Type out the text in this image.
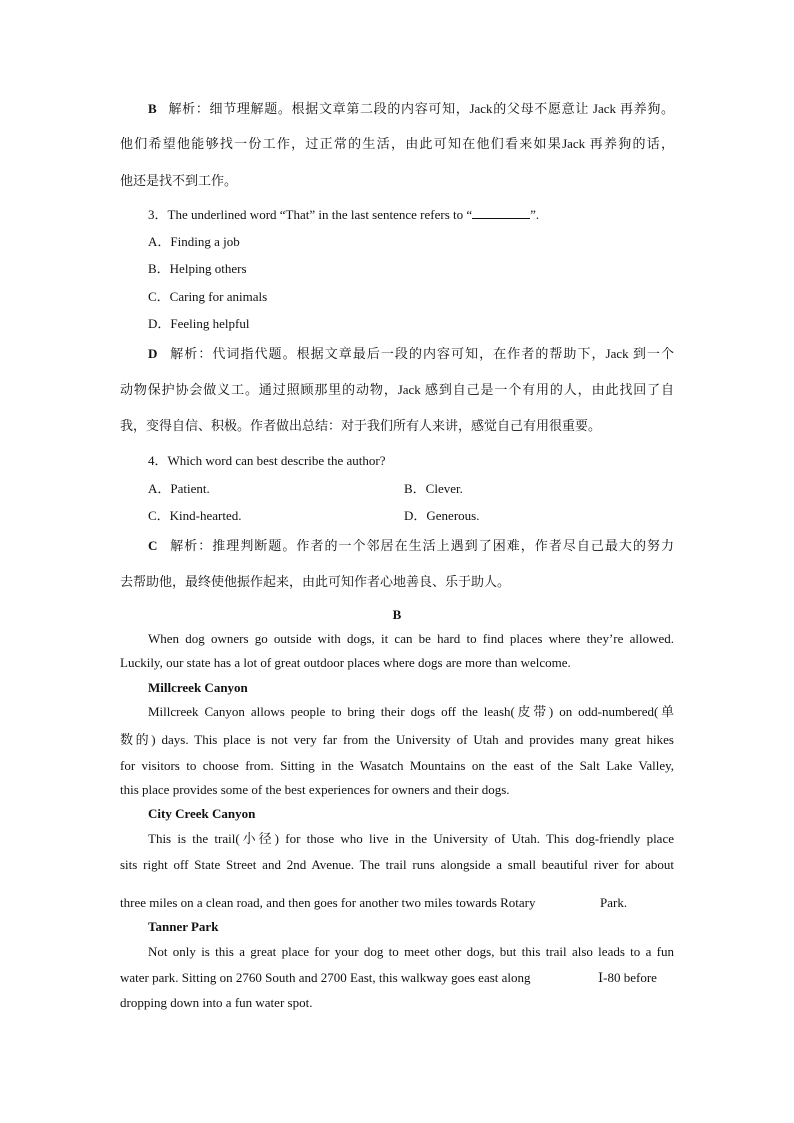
B 解析：细节理解题。根据文章第二段的内容可知，Jack的父母不愿意让 Jack 再养狗。
他们希望他能够找一份工作，过正常的生活，由此可知在他们看来如果Jack 再养狗的话，
他还是找不到工作。
3．The underlined word “That” in the last sentence refers to “	”.
A．Finding a job
B．Helping others
C．Caring for animals
D．Feeling helpful
D 解析：代词指代题。根据文章最后一段的内容可知，在作者的帮助下，Jack 到一个
动物保护协会做义工。通过照顾那里的动物，Jack 感到自己是一个有用的人，由此找回了自
我，变得自信、积极。作者做出总结：对于我们所有人来讲，感觉自己有用很重要。
4．Which word can best describe the author?
A．Patient.	B．Clever.
C．Kind-hearted.	D．Generous.
C 解析：推理判断题。作者的一个邻居在生活上遇到了困难，作者尽自己最大的努力
去帮助他，最终使他振作起来，由此可知作者心地善良、乐于助人。
B
When dog owners go outside with dogs, it can be hard to find places where they’re allowed.
Luckily, our state has a lot of great outdoor places where dogs are more than welcome.
Millcreek Canyon
Millcreek Canyon allows people to bring their dogs off the leash(皮带) on odd-numbered(单
数的) days. This place is not very far from the University of Utah and provides many great hikes
for visitors to choose from. Sitting in the Wasatch Mountains on the east of the Salt Lake Valley,
this place provides some of the best experiences for owners and their dogs.
City Creek Canyon
This is the trail(小径) for those who live in the University of Utah. This dog-friendly place
sits right off State Street and 2nd Avenue. The trail runs alongside a small beautiful river for about
three miles on a clean road, and then goes for another two miles towards Rotary	Park.
Tanner Park
Not only is this a great place for your dog to meet other dogs, but this trail also leads to a fun
water park. Sitting on 2760 South and 2700 East, this walkway goes east along	Ⅰ-80 before
dropping down into a fun water spot.
